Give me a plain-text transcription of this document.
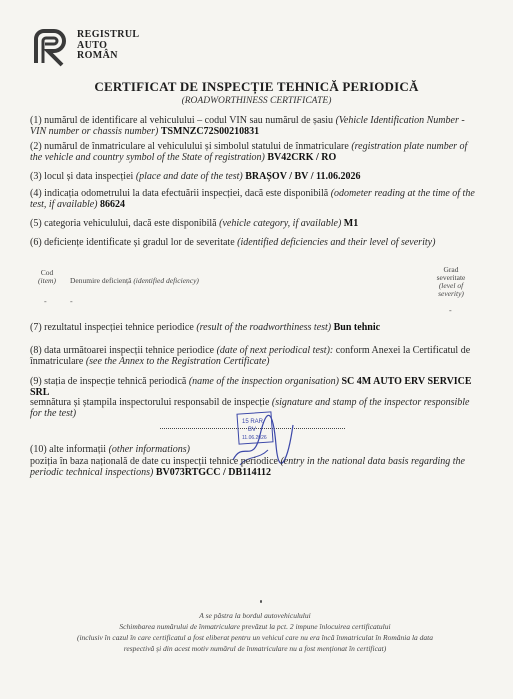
REGISTRUL
AUTO
ROMÂN
CERTIFICAT DE INSPECȚIE TEHNICĂ PERIODICĂ
(ROADWORTHINESS CERTIFICATE)
(1) numărul de identificare al vehiculului – codul VIN sau numărul de șasiu (Vehicle Identification Number - VIN number or chassis number) TSMNZC72S00210831
(2) numărul de înmatriculare al vehiculului și simbolul statului de înmatriculare (registration plate number of the vehicle and country symbol of the State of registration) BV42CRK / RO
(3) locul și data inspecției (place and date of the test) BRAȘOV / BV / 11.06.2026
(4) indicația odometrului la data efectuării inspecției, dacă este disponibilă (odometer reading at the time of the test, if available) 86624
(5) categoria vehiculului, dacă este disponibilă (vehicle category, if available) M1
(6) deficiențe identificate și gradul lor de severitate (identified deficiencies and their level of severity)
Cod
(item) Denumire deficiență (identified deficiency)
Grad
severitate
(level of
severity)
-	-
-
(7) rezultatul inspecției tehnice periodice (result of the roadworthiness test) Bun tehnic
(8) data următoarei inspecții tehnice periodice (date of next periodical test): conform Anexei la Certificatul de înmatriculare (see the Annex to the Registration Certificate)
(9) stația de inspecție tehnică periodică (name of the inspection organisation) SC 4M AUTO ERV SERVICE SRL
semnătura și ștampila inspectorului responsabil de inspecție (signature and stamp of the inspector responsible for the test)
15 RAR
BV
11.06.2026
(10) alte informații (other informations)
poziția în baza națională de date cu inspecții tehnice periodice (entry in the national data basis regarding the periodic technical inspections) BV073RTGCC / DB114112
A se păstra la bordul autovehiculului
Schimbarea numărului de înmatriculare prevăzut la pct. 2 impune înlocuirea certificatului
(inclusiv în cazul în care certificatul a fost eliberat pentru un vehicul care nu era încă înmatriculat în România la data
respectivă și din acest motiv numărul de înmatriculare nu a fost menționat în certificat)
